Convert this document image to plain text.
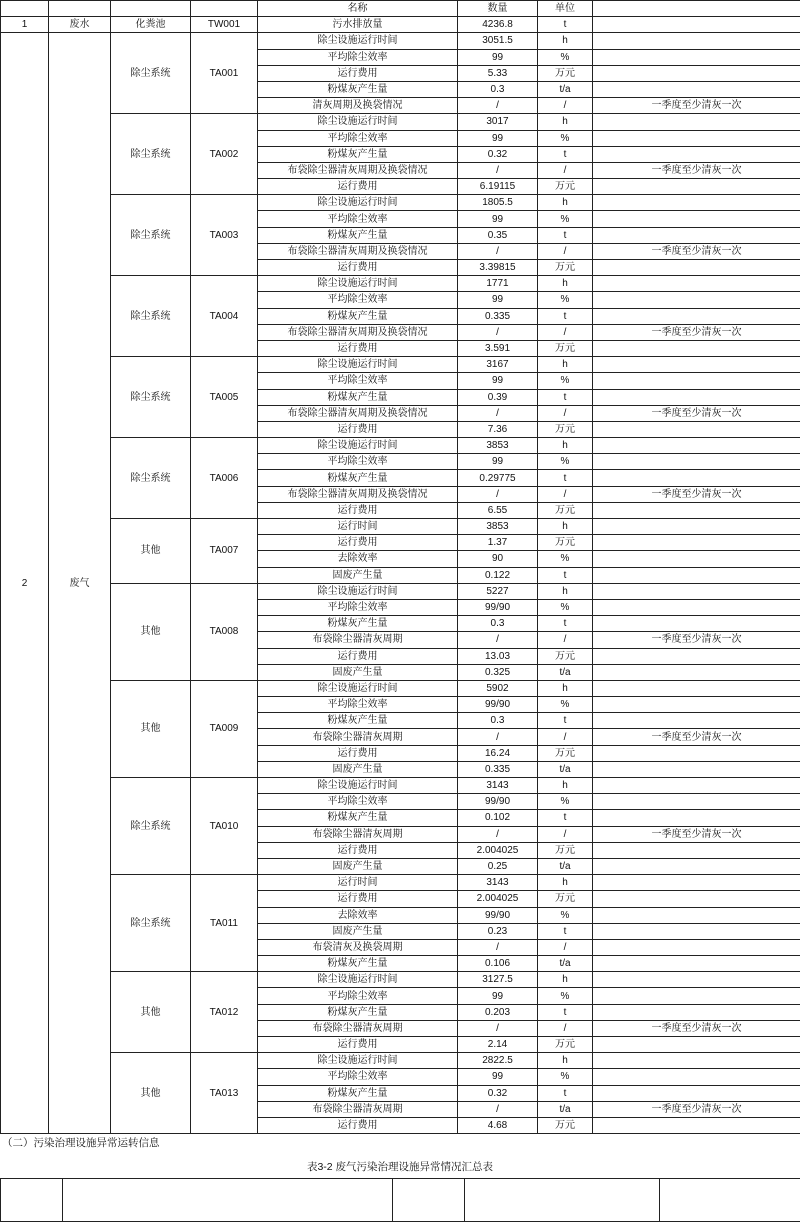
				名称	数量	单位	
1	废水	化粪池	TW001	污水排放量	4236.8	t	
2	废气	除尘系统	TA001	除尘设施运行时间	3051.5	h	
				平均除尘效率	99	%	
				运行费用	5.33	万元	
				粉煤灰产生量	0.3	t/a	
				清灰周期及换袋情况	/	/	一季度至少清灰一次
		除尘系统	TA002	除尘设施运行时间	3017	h	
				平均除尘效率	99	%	
				粉煤灰产生量	0.32	t	
				布袋除尘器清灰周期及换袋情况	/	/	一季度至少清灰一次
				运行费用	6.19115	万元	
		除尘系统	TA003	除尘设施运行时间	1805.5	h	
				平均除尘效率	99	%	
				粉煤灰产生量	0.35	t	
				布袋除尘器清灰周期及换袋情况	/	/	一季度至少清灰一次
				运行费用	3.39815	万元	
		除尘系统	TA004	除尘设施运行时间	1771	h	
				平均除尘效率	99	%	
				粉煤灰产生量	0.335	t	
				布袋除尘器清灰周期及换袋情况	/	/	一季度至少清灰一次
				运行费用	3.591	万元	
		除尘系统	TA005	除尘设施运行时间	3167	h	
				平均除尘效率	99	%	
				粉煤灰产生量	0.39	t	
				布袋除尘器清灰周期及换袋情况	/	/	一季度至少清灰一次
				运行费用	7.36	万元	
		除尘系统	TA006	除尘设施运行时间	3853	h	
				平均除尘效率	99	%	
				粉煤灰产生量	0.29775	t	
				布袋除尘器清灰周期及换袋情况	/	/	一季度至少清灰一次
				运行费用	6.55	万元	
		其他	TA007	运行时间	3853	h	
				运行费用	1.37	万元	
				去除效率	90	%	
				固废产生量	0.122	t	
		其他	TA008	除尘设施运行时间	5227	h	
				平均除尘效率	99/90	%	
				粉煤灰产生量	0.3	t	
				布袋除尘器清灰周期	/	/	一季度至少清灰一次
				运行费用	13.03	万元	
				固废产生量	0.325	t/a	
		其他	TA009	除尘设施运行时间	5902	h	
				平均除尘效率	99/90	%	
				粉煤灰产生量	0.3	t	
				布袋除尘器清灰周期	/	/	一季度至少清灰一次
				运行费用	16.24	万元	
				固废产生量	0.335	t/a	
		除尘系统	TA010	除尘设施运行时间	3143	h	
				平均除尘效率	99/90	%	
				粉煤灰产生量	0.102	t	
				布袋除尘器清灰周期	/	/	一季度至少清灰一次
				运行费用	2.004025	万元	
				固废产生量	0.25	t/a	
		除尘系统	TA011	运行时间	3143	h	
				运行费用	2.004025	万元	
				去除效率	99/90	%	
				固废产生量	0.23	t	
				布袋清灰及换袋周期	/	/	
				粉煤灰产生量	0.106	t/a	
		其他	TA012	除尘设施运行时间	3127.5	h	
				平均除尘效率	99	%	
				粉煤灰产生量	0.203	t	
				布袋除尘器清灰周期	/	/	一季度至少清灰一次
				运行费用	2.14	万元	
		其他	TA013	除尘设施运行时间	2822.5	h	
				平均除尘效率	99	%	
				粉煤灰产生量	0.32	t	
				布袋除尘器清灰周期	/	t/a	一季度至少清灰一次
				运行费用	4.68	万元	
（二）污染治理设施异常运转信息
表3-2 废气污染治理设施异常情况汇总表
